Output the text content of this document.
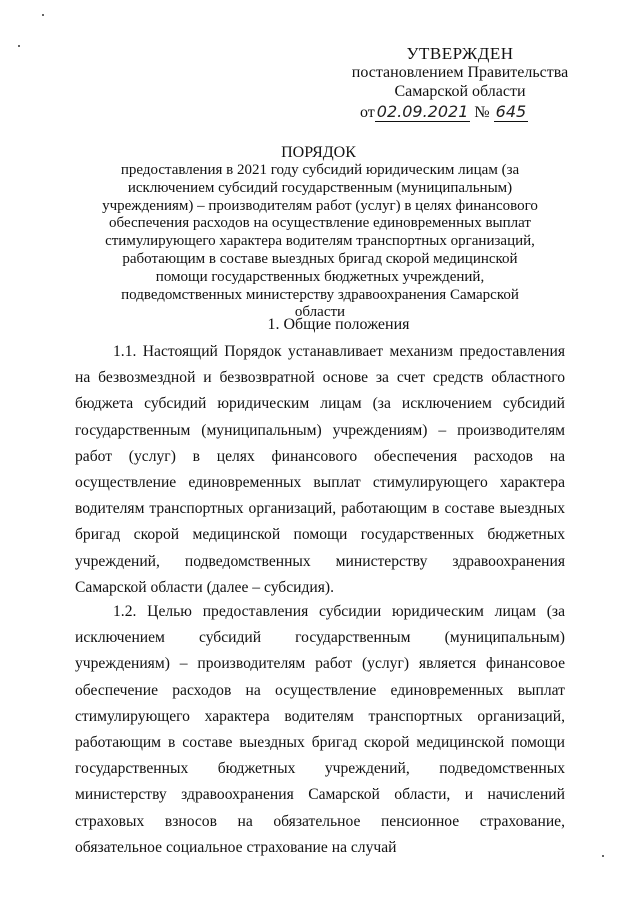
УТВЕРЖДЕН
постановлением Правительства
Самарской области
от 02.09.2021 № 645
ПОРЯДОК
предоставления в 2021 году субсидий юридическим лицам (за исключением субсидий государственным (муниципальным) учреждениям) – производителям работ (услуг) в целях финансового обеспечения расходов на осуществление единовременных выплат стимулирующего характера водителям транспортных организаций, работающим в составе выездных бригад скорой медицинской помощи государственных бюджетных учреждений, подведомственных министерству здравоохранения Самарской области
1. Общие положения
1.1. Настоящий Порядок устанавливает механизм предоставления на безвозмездной и безвозвратной основе за счет средств областного бюджета субсидий юридическим лицам (за исключением субсидий государственным (муниципальным) учреждениям) – производителям работ (услуг) в целях финансового обеспечения расходов на осуществление единовременных выплат стимулирующего характера водителям транспортных организаций, работающим в составе выездных бригад скорой медицинской помощи государственных бюджетных учреждений, подведомственных министерству здравоохранения Самарской области (далее – субсидия).
1.2. Целью предоставления субсидии юридическим лицам (за исключением субсидий государственным (муниципальным) учреждениям) – производителям работ (услуг) является финансовое обеспечение расходов на осуществление единовременных выплат стимулирующего характера водителям транспортных организаций, работающим в составе выездных бригад скорой медицинской помощи государственных бюджетных учреждений, подведомственных министерству здравоохранения Самарской области, и начислений страховых взносов на обязательное пенсионное страхование, обязательное социальное страхование на случай
